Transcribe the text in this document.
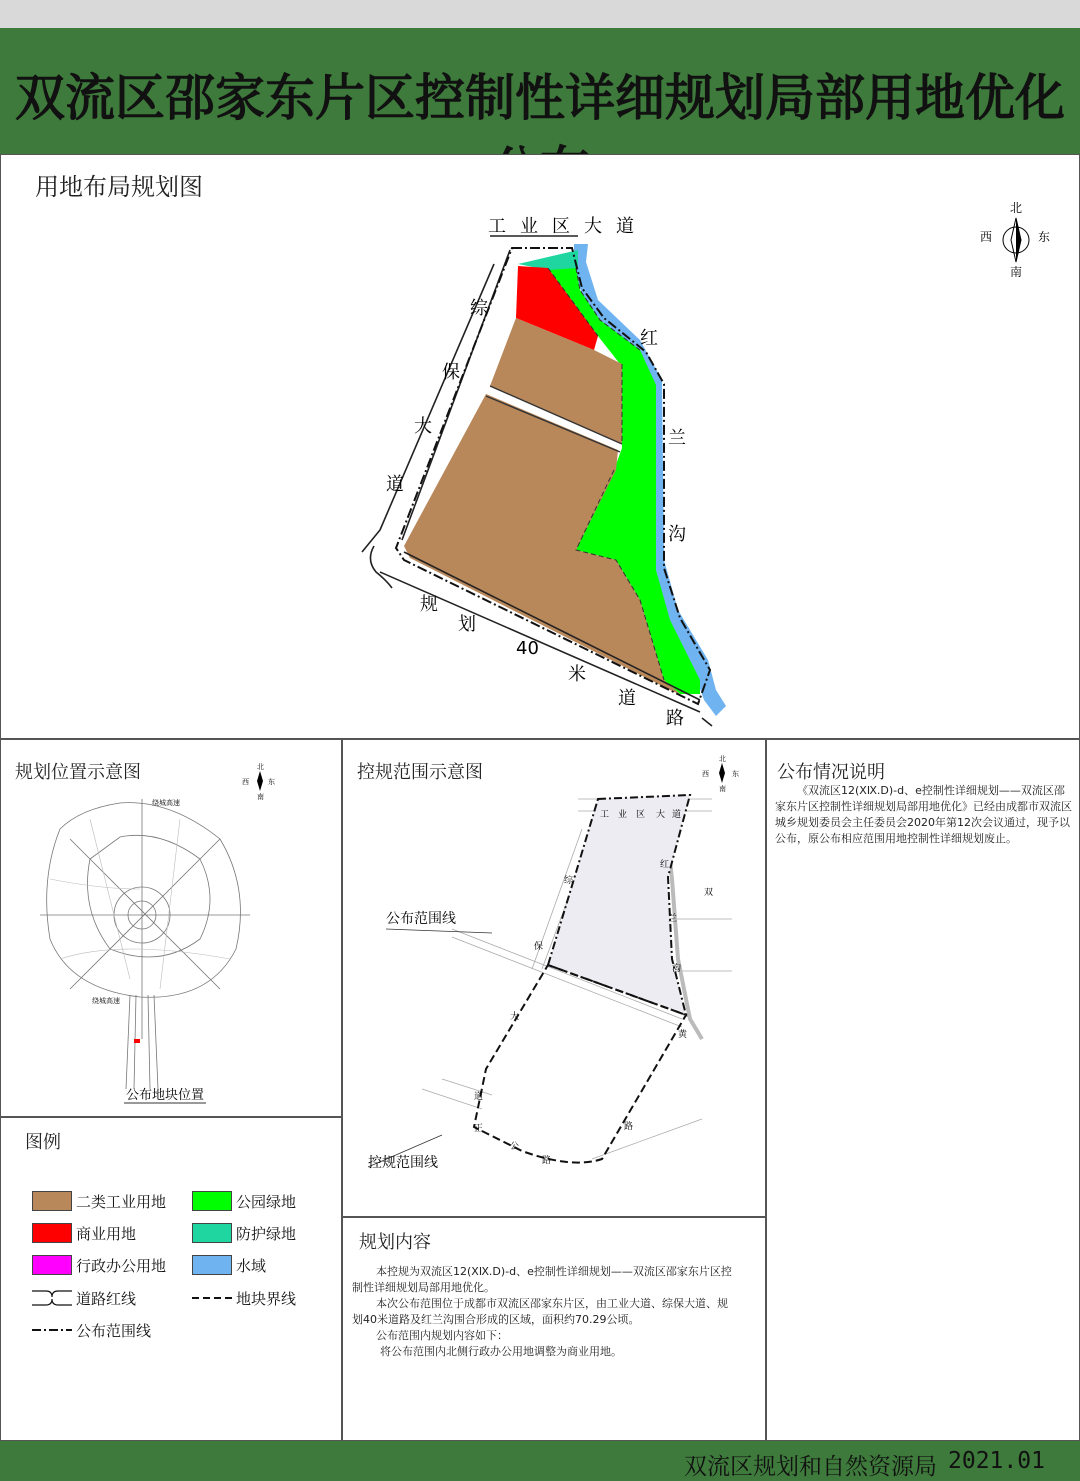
双流区邵家东片区控制性详细规划局部用地优化
用地布局规划图
工业区大道
综
保
大
道
规
划
40
米
道
路
红
兰
沟
北
南
东
西
规划位置示意图
绕城高速
绕城高速
公布地块位置
北
南
东
西	控规范围示意图
公布范围线
控规范围线
工 业 区 大 道
综
保
大
道
正
公
路
路
红
兰
沟
双
黄
北
南
东
西	公布情况说明
《双流区12(ⅩⅨ.D)-d、e控制性详细规划——双流区邵家东片区控制性详细规划局部用地优化》已经由成都市双流区城乡规划委员会主任委员会2020年第12次会议通过，现予以公布，原公布相应范围用地控制性详细规划废止。
图例
二类工业用地	公园绿地
商业用地	防护绿地
行政办公用地	水域
道路红线	地块界线
公布范围线
规划内容

本控规为双流区12(ⅩⅨ.D)-d、e控制性详细规划——双流区邵家东片区控制性详细规划局部用地优化。

本次公布范围位于成都市双流区邵家东片区，由工业大道、综保大道、规划40米道路及红兰沟围合形成的区域，面积约70.29公顷。

公布范围内规划内容如下：

将公布范围内北侧行政办公用地调整为商业用地。

双流区规划和自然资源局 2021.01
